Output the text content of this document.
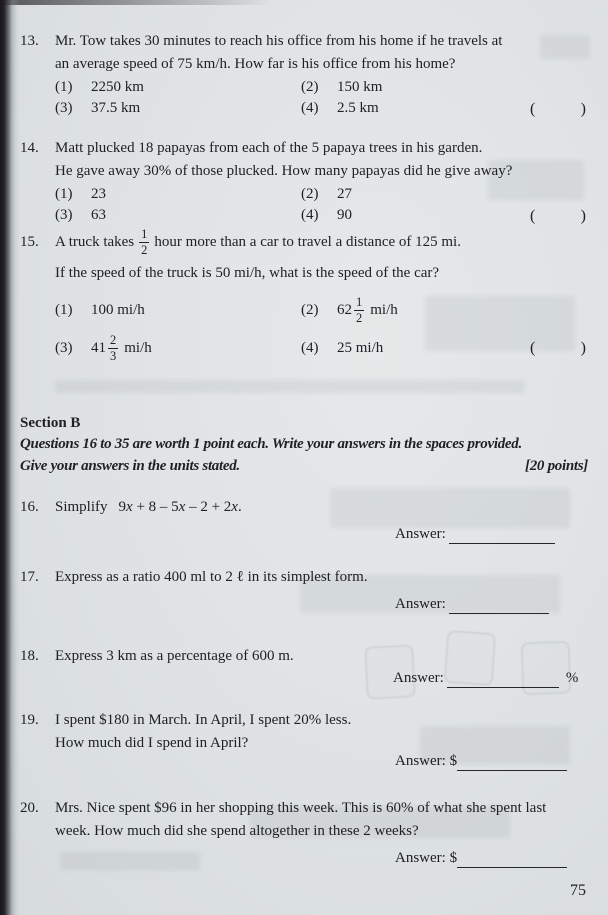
13.	Mr. Tow takes 30 minutes to reach his office from his home if he travels at
an average speed of 75 km/h. How far is his office from his home?
(1)	2250 km	(2)	150 km
(3)	37.5 km	(4)	2.5 km	(	)
14.	Matt plucked 18 papayas from each of the 5 papaya trees in his garden.
He gave away 30% of those plucked. How many papayas did he give away?
(1)	23	(2)	27
(3)	63	(4)	90	(	)
15.	A truck takes $\frac{1}{2}$ hour more than a car to travel a distance of 125 mi.
If the speed of the truck is 50 mi/h, what is the speed of the car?
(1)	100 mi/h	(2)	$62 \frac{1}{2} mi/h$
(3)	$41 \frac{2}{3} mi/h$	(4)	25 mi/h	(	)
Section B
Questions 16 to 35 are worth 1 point each. Write your answers in the spaces provided.
Give your answers in the units stated.	[20 points]
16.	Simplify 9x + 8 – 5x – 2 + 2x.
Answer:
17.	Express as a ratio 400 ml to 2 ℓ in its simplest form.
Answer:
18.	Express 3 km as a percentage of 600 m.
Answer:	%
19.	I spent $180 in March. In April, I spent 20% less.
How much did I spend in April?
Answer: $
20.	Mrs. Nice spent $96 in her shopping this week. This is 60% of what she spent last
week. How much did she spend altogether in these 2 weeks?
Answer: $
75
